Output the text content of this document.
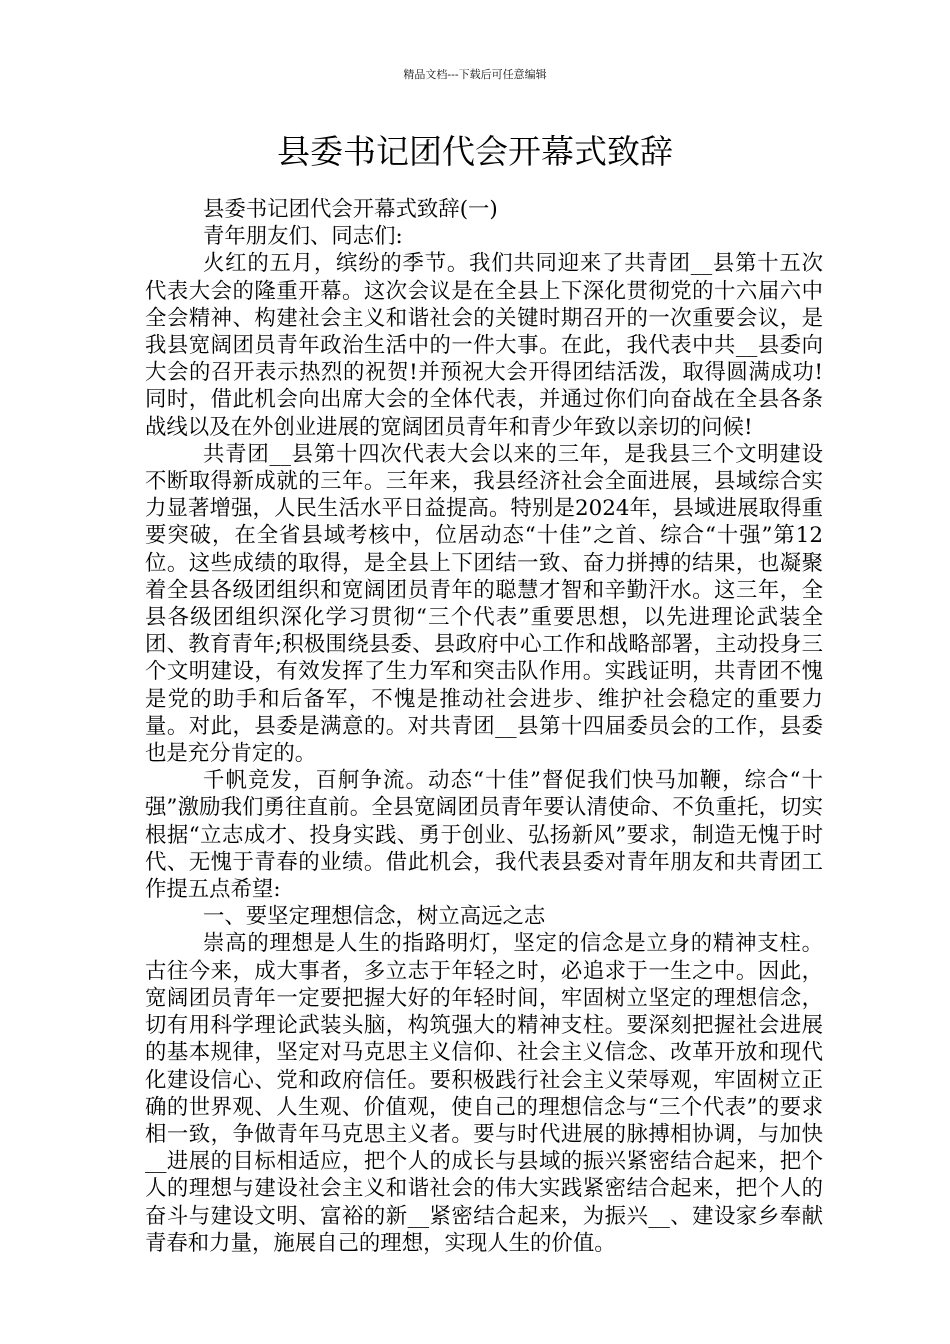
精品文档---下载后可任意编辑
县委书记团代会开幕式致辞

县委书记团代会开幕式致辞(一)

青年朋友们、同志们:

火红的五月，缤纷的季节。我们共同迎来了共青团__县第十五次代表大会的隆重开幕。这次会议是在全县上下深化贯彻党的十六届六中全会精神、构建社会主义和谐社会的关键时期召开的一次重要会议，是我县宽阔团员青年政治生活中的一件大事。在此，我代表中共__县委向大会的召开表示热烈的祝贺!并预祝大会开得团结活泼，取得圆满成功!同时，借此机会向出席大会的全体代表，并通过你们向奋战在全县各条战线以及在外创业进展的宽阔团员青年和青少年致以亲切的问候!

共青团__县第十四次代表大会以来的三年，是我县三个文明建设不断取得新成就的三年。三年来，我县经济社会全面进展，县域综合实力显著增强，人民生活水平日益提高。特别是2024年，县域进展取得重要突破，在全省县域考核中，位居动态“十佳”之首、综合“十强”第12位。这些成绩的取得，是全县上下团结一致、奋力拼搏的结果，也凝聚着全县各级团组织和宽阔团员青年的聪慧才智和辛勤汗水。这三年，全县各级团组织深化学习贯彻“三个代表”重要思想，以先进理论武装全团、教育青年;积极围绕县委、县政府中心工作和战略部署，主动投身三个文明建设，有效发挥了生力军和突击队作用。实践证明，共青团不愧是党的助手和后备军，不愧是推动社会进步、维护社会稳定的重要力量。对此，县委是满意的。对共青团__县第十四届委员会的工作，县委也是充分肯定的。

千帆竞发，百舸争流。动态“十佳”督促我们快马加鞭，综合“十强”激励我们勇往直前。全县宽阔团员青年要认清使命、不负重托，切实根据“立志成才、投身实践、勇于创业、弘扬新风”要求，制造无愧于时代、无愧于青春的业绩。借此机会，我代表县委对青年朋友和共青团工作提五点希望:

一、要坚定理想信念，树立高远之志

崇高的理想是人生的指路明灯，坚定的信念是立身的精神支柱。古往今来，成大事者，多立志于年轻之时，必追求于一生之中。因此，宽阔团员青年一定要把握大好的年轻时间，牢固树立坚定的理想信念，切有用科学理论武装头脑，构筑强大的精神支柱。要深刻把握社会进展的基本规律，坚定对马克思主义信仰、社会主义信念、改革开放和现代化建设信心、党和政府信任。要积极践行社会主义荣辱观，牢固树立正确的世界观、人生观、价值观，使自己的理想信念与“三个代表”的要求相一致，争做青年马克思主义者。要与时代进展的脉搏相协调，与加快__进展的目标相适应，把个人的成长与县域的振兴紧密结合起来，把个人的理想与建设社会主义和谐社会的伟大实践紧密结合起来，把个人的奋斗与建设文明、富裕的新__紧密结合起来，为振兴__、建设家乡奉献青春和力量，施展自己的理想，实现人生的价值。
